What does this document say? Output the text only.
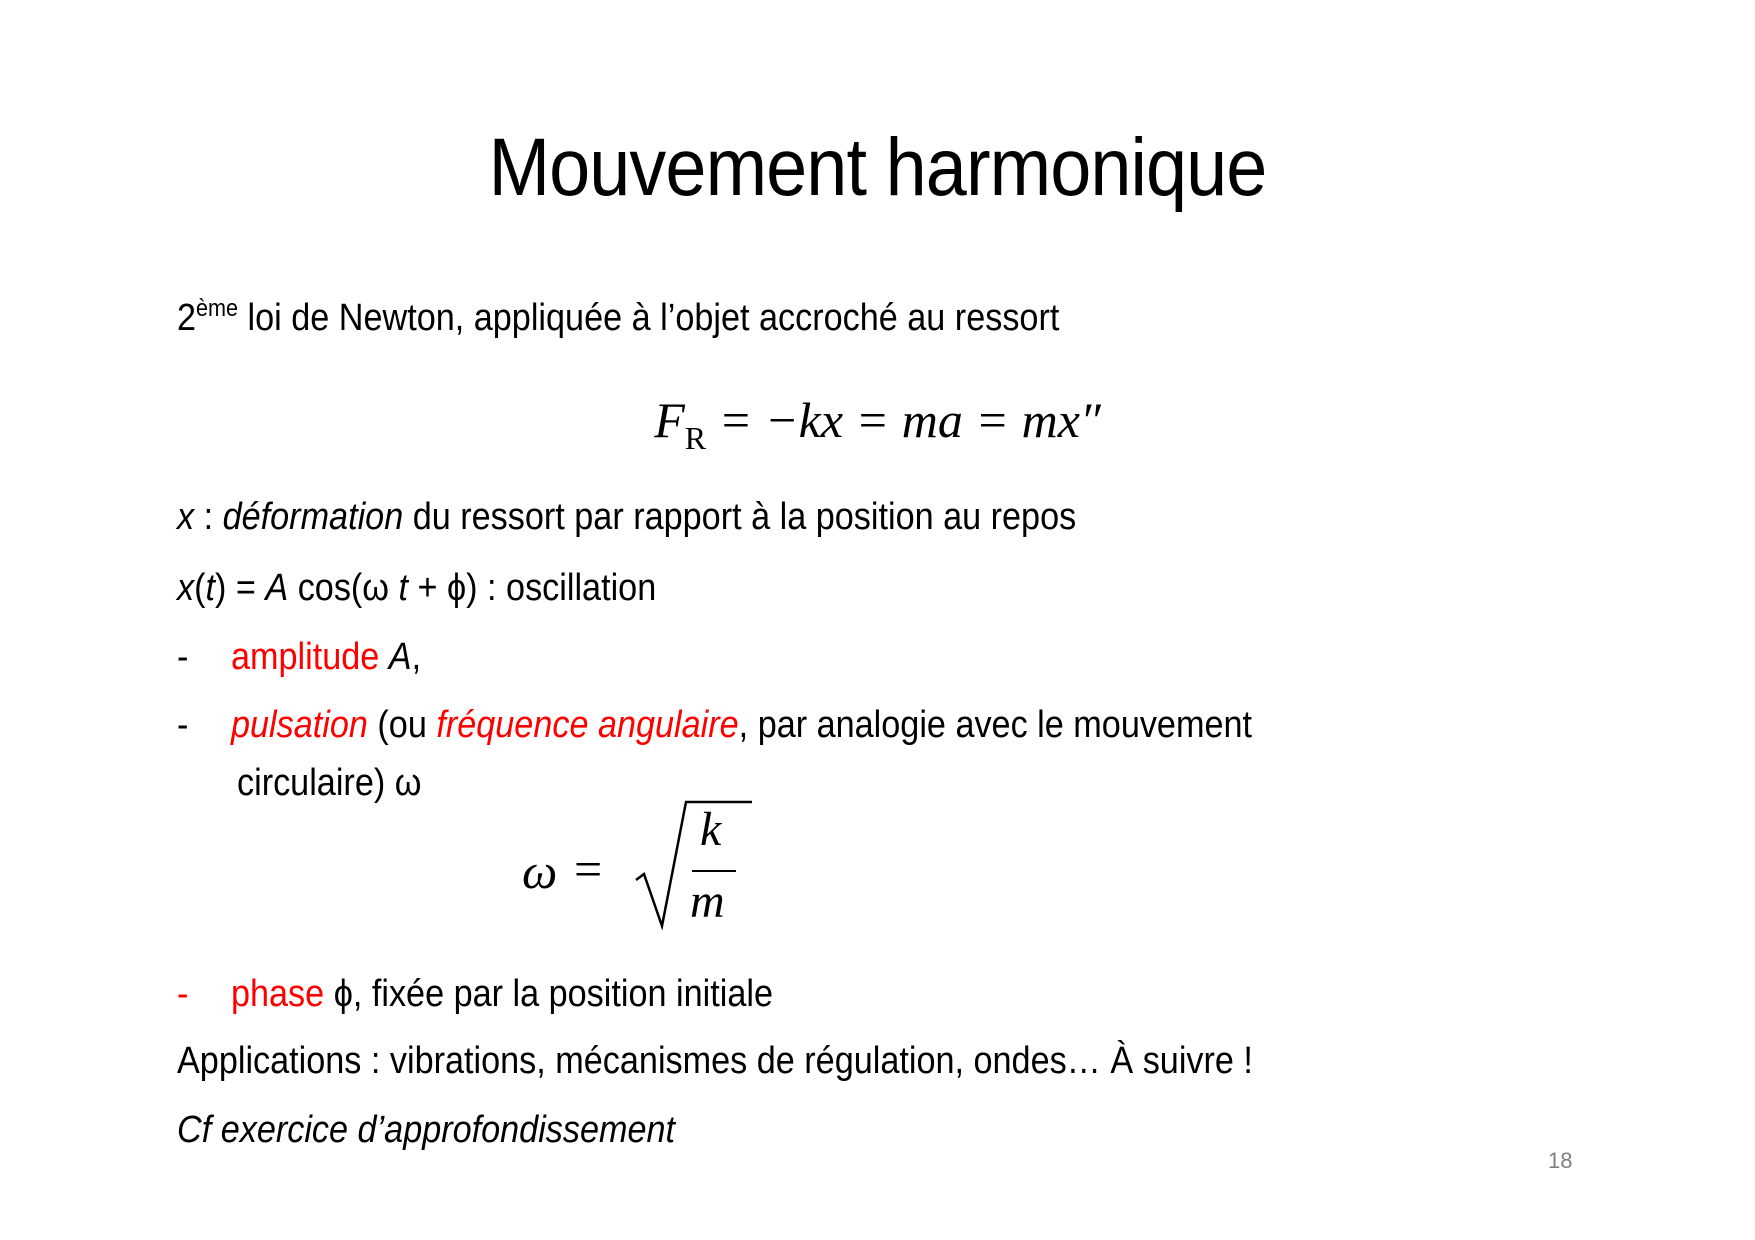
Mouvement harmonique
2ème loi de Newton, appliquée à l’objet accroché au ressort
$F_R = -kx$ = ma = mx″
x : déformation du ressort par rapport à la position au repos
x(t) = A cos(ω t + ϕ) : oscillation
- amplitude A,
- pulsation (ou fréquence angulaire, par analogie avec le mouvement
circulaire) ω
ω =
k
m
- phase ϕ, fixée par la position initiale
Applications : vibrations, mécanismes de régulation, ondes… À suivre !
Cf exercice d’approfondissement
18
